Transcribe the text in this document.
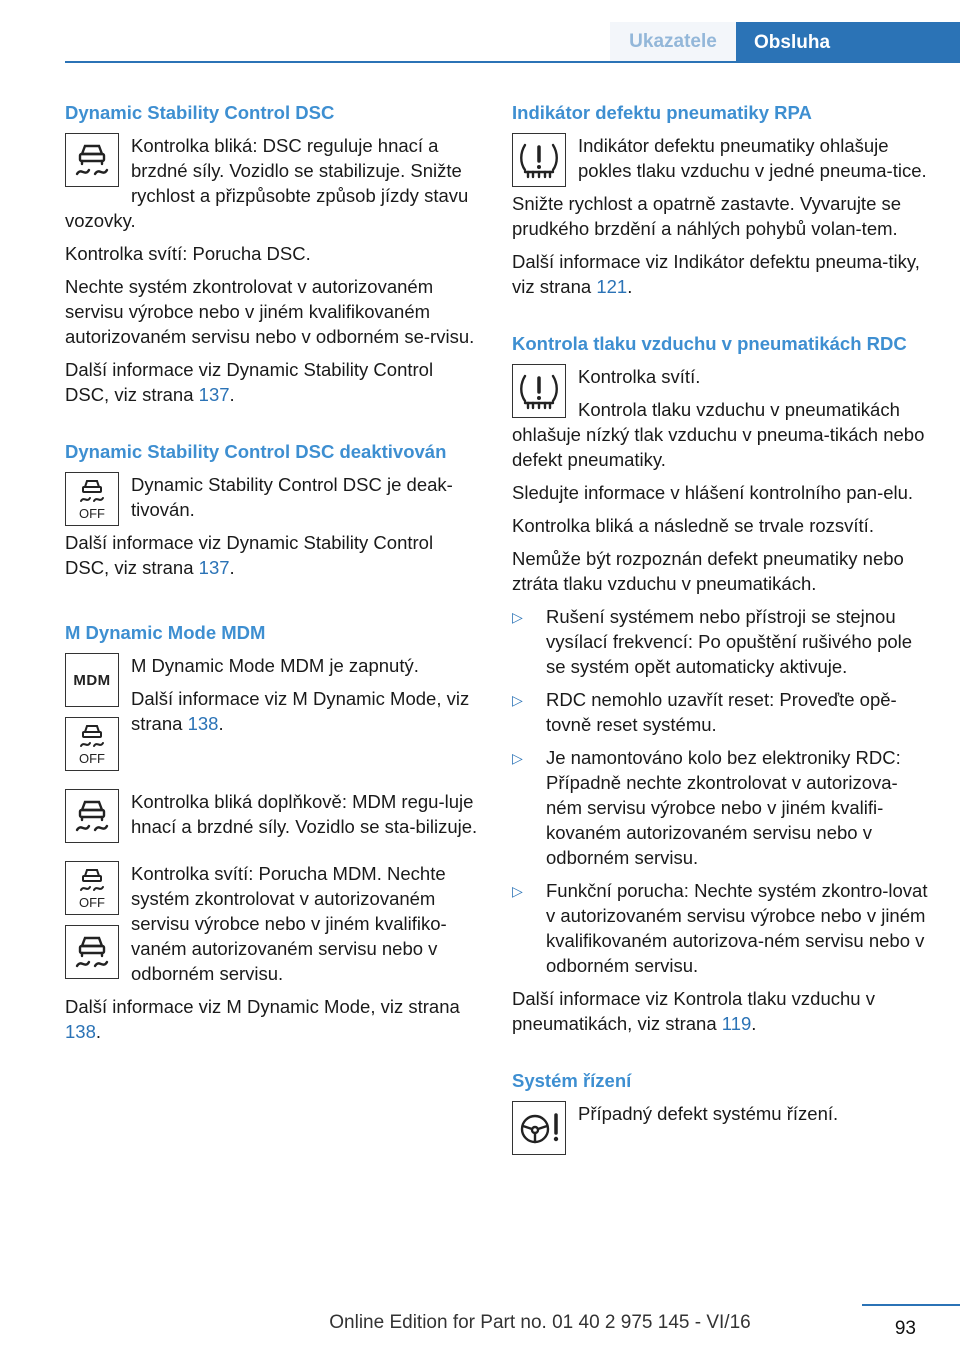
Ukazatele	Obsluha
Dynamic Stability Control DSC

Kontrolka bliká: DSC reguluje hnací a brzdné síly. Vozidlo se stabilizuje. Snižte rychlost a přizpůsobte způsob jízdy stavu vozovky.

Kontrolka svítí: Porucha DSC.

Nechte systém zkontrolovat v autorizovaném servisu výrobce nebo v jiném kvalifikovaném autorizovaném servisu nebo v odborném se-rvisu.

Další informace viz Dynamic Stability Control DSC, viz strana 137.

Dynamic Stability Control DSC deaktivován
OFF

Dynamic Stability Control DSC je deak-tivován.

Další informace viz Dynamic Stability Control DSC, viz strana 137.

M Dynamic Mode MDM
MDM
OFF

M Dynamic Mode MDM je zapnutý.

Další informace viz M Dynamic Mode, viz strana 138.

Kontrolka bliká doplňkově: MDM regu-luje hnací a brzdné síly. Vozidlo se sta-bilizuje.

OFF

Kontrolka svítí: Porucha MDM. Nechte systém zkontrolovat v autorizovaném servisu výrobce nebo v jiném kvalifiko-vaném autorizovaném servisu nebo v odborném servisu.

Další informace viz M Dynamic Mode, viz strana 138.

Indikátor defektu pneumatiky RPA

Indikátor defektu pneumatiky ohlašuje pokles tlaku vzduchu v jedné pneuma-tice.

Snižte rychlost a opatrně zastavte. Vyvarujte se prudkého brzdění a náhlých pohybů volan-tem.

Další informace viz Indikátor defektu pneuma-tiky, viz strana 121.

Kontrola tlaku vzduchu v pneumatikách RDC

Kontrolka svítí.

Kontrola tlaku vzduchu v pneumatikách ohlašuje nízký tlak vzduchu v pneuma-tikách nebo defekt pneumatiky.

Sledujte informace v hlášení kontrolního pan-elu.

Kontrolka bliká a následně se trvale rozsvítí.

Nemůže být rozpoznán defekt pneumatiky nebo ztráta tlaku vzduchu v pneumatikách.

▷	Rušení systémem nebo přístroji se stejnou vysílací frekvencí: Po opuštění rušivého pole se systém opět automaticky aktivuje.
▷	RDC nemohlo uzavřít reset: Proveďte opě-tovně reset systému.
▷	Je namontováno kolo bez elektroniky RDC: Případně nechte zkontrolovat v autorizova-ném servisu výrobce nebo v jiném kvalifi-kovaném autorizovaném servisu nebo v odborném servisu.
▷	Funkční porucha: Nechte systém zkontro-lovat v autorizovaném servisu výrobce nebo v jiném kvalifikovaném autorizova-ném servisu nebo v odborném servisu.

Další informace viz Kontrola tlaku vzduchu v pneumatikách, viz strana 119.

Systém řízení

Případný defekt systému řízení.

Online Edition for Part no. 01 40 2 975 145 - VI/16	93
